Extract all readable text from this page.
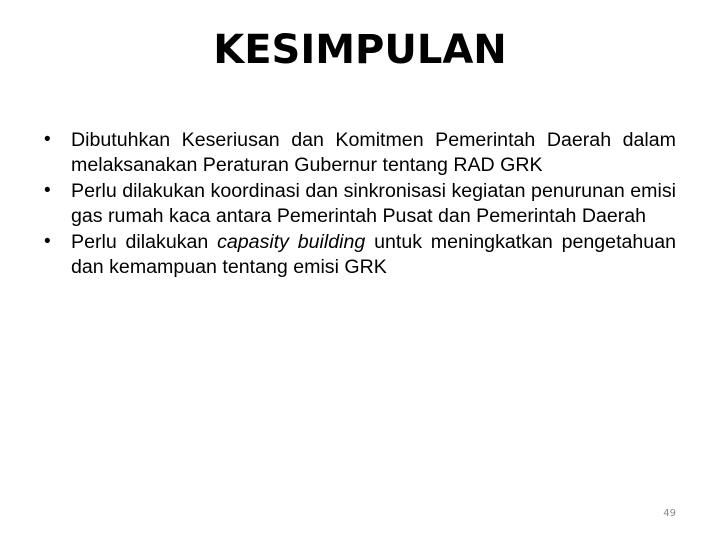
KESIMPULAN
• Dibutuhkan Keseriusan dan Komitmen Pemerintah Daerah dalam melaksanakan Peraturan Gubernur tentang RAD GRK
• Perlu dilakukan koordinasi dan sinkronisasi kegiatan penurunan emisi gas rumah kaca antara Pemerintah Pusat dan Pemerintah Daerah
• Perlu dilakukan capasity building untuk meningkatkan pengetahuan dan kemampuan tentang emisi GRK
49
